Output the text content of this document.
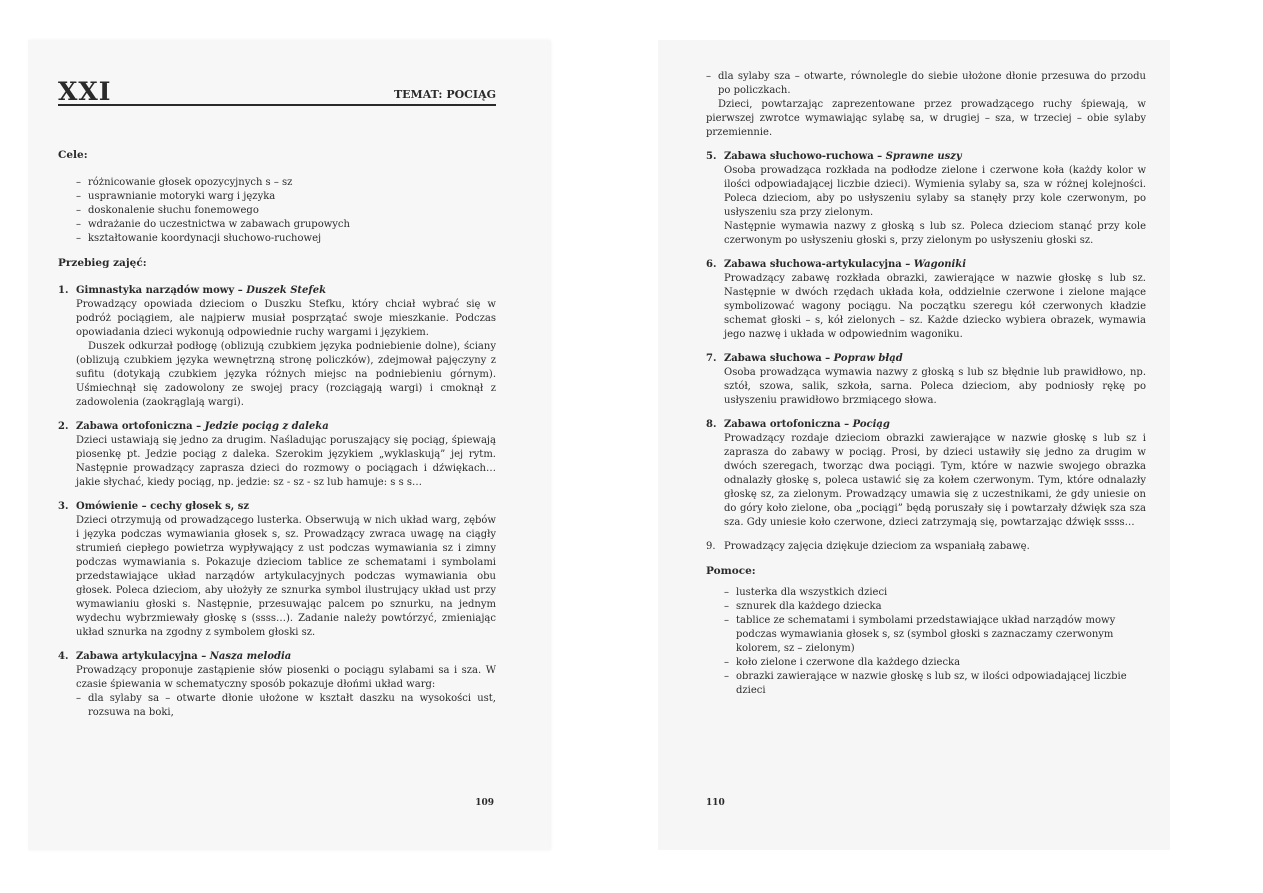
XXI	TEMAT: POCIĄG
Cele:
– różnicowanie głosek opozycyjnych s – sz
– usprawnianie motoryki warg i języka
– doskonalenie słuchu fonemowego
– wdrażanie do uczestnictwa w zabawach grupowych
– kształtowanie koordynacji słuchowo-ruchowej
Przebieg zajęć:
1. Gimnastyka narządów mowy – Duszek Stefek

Prowadzący opowiada dzieciom o Duszku Stefku, który chciał wybrać się w podróż pociągiem, ale najpierw musiał posprzątać swoje mieszkanie. Podczas opowiadania dzieci wykonują odpowiednie ruchy wargami i językiem.

Duszek odkurzał podłogę (oblizują czubkiem języka podniebienie dolne), ściany (oblizują czubkiem języka wewnętrzną stronę policzków), zdejmował pajęczyny z sufitu (dotykają czubkiem języka różnych miejsc na podniebieniu górnym). Uśmiechnął się zadowolony ze swojej pracy (rozciągają wargi) i cmoknął z zadowolenia (zaokrąglają wargi).

2. Zabawa ortofoniczna – Jedzie pociąg z daleka

Dzieci ustawiają się jedno za drugim. Naśladując poruszający się pociąg, śpiewają piosenkę pt. Jedzie pociąg z daleka. Szerokim językiem „wyklaskują” jej rytm. Następnie prowadzący zaprasza dzieci do rozmowy o pociągach i dźwiękach… jakie słychać, kiedy pociąg, np. jedzie: sz - sz - sz lub hamuje: s s s…

3. Omówienie – cechy głosek s, sz

Dzieci otrzymują od prowadzącego lusterka. Obserwują w nich układ warg, zębów i języka podczas wymawiania głosek s, sz. Prowadzący zwraca uwagę na ciągły strumień ciepłego powietrza wypływający z ust podczas wymawiania sz i zimny podczas wymawiania s. Pokazuje dzieciom tablice ze schematami i symbolami przedstawiające układ narządów artykulacyjnych podczas wymawiania obu głosek. Poleca dzieciom, aby ułożyły ze sznurka symbol ilustrujący układ ust przy wymawianiu głoski s. Następnie, przesuwając palcem po sznurku, na jednym wydechu wybrzmiewały głoskę s (ssss…). Zadanie należy powtórzyć, zmieniając układ sznurka na zgodny z symbolem głoski sz.

4. Zabawa artykulacyjna – Nasza melodia

Prowadzący proponuje zastąpienie słów piosenki o pociągu sylabami sa i sza. W czasie śpiewania w schematyczny sposób pokazuje dłońmi układ warg:

– dla sylaby sa – otwarte dłonie ułożone w kształt daszku na wysokości ust, rozsuwa na boki,
109
– dla sylaby sza – otwarte, równolegle do siebie ułożone dłonie przesuwa do przodu po policzkach.

Dzieci, powtarzając zaprezentowane przez prowadzącego ruchy śpiewają, w pierwszej zwrotce wymawiając sylabę sa, w drugiej – sza, w trzeciej – obie sylaby przemiennie.

5. Zabawa słuchowo-ruchowa – Sprawne uszy

Osoba prowadząca rozkłada na podłodze zielone i czerwone koła (każdy kolor w ilości odpowiadającej liczbie dzieci). Wymienia sylaby sa, sza w różnej kolejności. Poleca dzieciom, aby po usłyszeniu sylaby sa stanęły przy kole czerwonym, po usłyszeniu sza przy zielonym.

Następnie wymawia nazwy z głoską s lub sz. Poleca dzieciom stanąć przy kole czerwonym po usłyszeniu głoski s, przy zielonym po usłyszeniu głoski sz.

6. Zabawa słuchowa-artykulacyjna – Wagoniki

Prowadzący zabawę rozkłada obrazki, zawierające w nazwie głoskę s lub sz. Następnie w dwóch rzędach układa koła, oddzielnie czerwone i zielone mające symbolizować wagony pociągu. Na początku szeregu kół czerwonych kładzie schemat głoski – s, kół zielonych – sz. Każde dziecko wybiera obrazek, wymawia jego nazwę i układa w odpowiednim wagoniku.

7. Zabawa słuchowa – Popraw błąd

Osoba prowadząca wymawia nazwy z głoską s lub sz błędnie lub prawidłowo, np. sztół, szowa, salik, szkoła, sarna. Poleca dzieciom, aby podniosły rękę po usłyszeniu prawidłowo brzmiącego słowa.

8. Zabawa ortofoniczna – Pociąg

Prowadzący rozdaje dzieciom obrazki zawierające w nazwie głoskę s lub sz i zaprasza do zabawy w pociąg. Prosi, by dzieci ustawiły się jedno za drugim w dwóch szeregach, tworząc dwa pociągi. Tym, które w nazwie swojego obrazka odnalazły głoskę s, poleca ustawić się za kołem czerwonym. Tym, które odnalazły głoskę sz, za zielonym. Prowadzący umawia się z uczestnikami, że gdy uniesie on do góry koło zielone, oba „pociągi” będą poruszały się i powtarzały dźwięk sza sza sza. Gdy uniesie koło czerwone, dzieci zatrzymają się, powtarzając dźwięk ssss…

9. Prowadzący zajęcia dziękuje dzieciom za wspaniałą zabawę.
Pomoce:
– lusterka dla wszystkich dzieci
– sznurek dla każdego dziecka
– tablice ze schematami i symbolami przedstawiające układ narządów mowy podczas wymawiania głosek s, sz (symbol głoski s zaznaczamy czerwonym kolorem, sz – zielonym)
– koło zielone i czerwone dla każdego dziecka
– obrazki zawierające w nazwie głoskę s lub sz, w ilości odpowiadającej liczbie dzieci
110
